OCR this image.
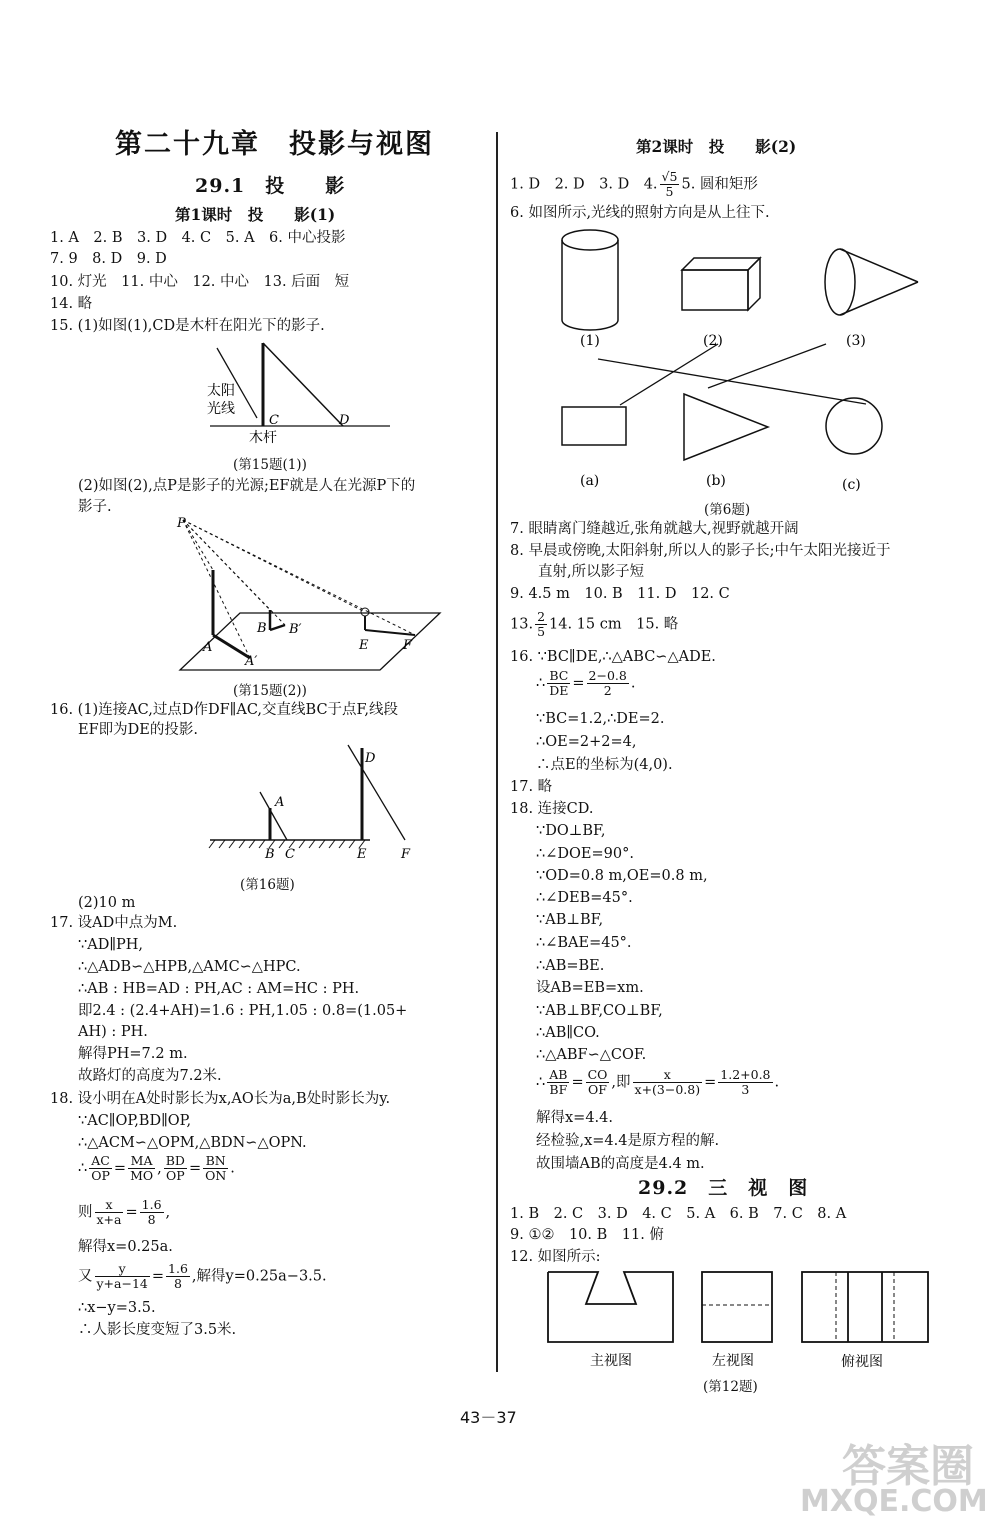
第二十九章　投影与视图
29.1　投　　影
第1课时　投　　影(1)
1. A　2. B　3. D　4. C　5. A　6. 中心投影
7. 9　8. D　9. D
10. 灯光　11. 中心　12. 中心　13. 后面　短
14. 略
15. (1)如图(1),CD是木杆在阳光下的影子.
太阳
光线
C	D
木杆
(第15题(1))
(2)如图(2),点P是影子的光源;EF就是人在光源P下的
影子.
P
A
A′
B B′
E	F
(第15题(2))
16. (1)连接AC,过点D作DF∥AC,交直线BC于点F,线段
EF即为DE的投影.
A
B C
D
E	F
(第16题)
(2)10 m
17. 设AD中点为M.
∵AD∥PH,
∴△ADB∽△HPB,△AMC∽△HPC.
∴AB : HB=AD : PH,AC : AM=HC : PH.
即2.4 : (2.4+AH)=1.6 : PH,1.05 : 0.8=(1.05+
AH) : PH.
解得PH=7.2 m.
故路灯的高度为7.2米.
18. 设小明在A处时影长为x,AO长为a,B处时影长为y.
∵AC∥OP,BD∥OP,
∴△ACM∽△OPM,△BDN∽△OPN.
∴ $\frac{AC}{OP} = \frac{MA}{MO}$ , $\frac{BD}{OP} = \frac{BN}{ON}$ .
则 $\frac{x}{x+a} = \frac{1.6}{8}$ ,
解得x=0.25a.
又 $\frac{y}{y+a-14} = \frac{1.6}{8}$ ,解得y=0.25a−3.5.
∴x−y=3.5.
∴人影长度变短了3.5米.
第2课时　投　　影(2)
1. D　2. D　3. D　4. $\frac{√5}{5} 5$. 圆和矩形
6. 如图所示,光线的照射方向是从上往下.
(1)	(2)	(3)
(a)	(b)	(c)
(第6题)
7. 眼睛离门缝越近,张角就越大,视野就越开阔
8. 早晨或傍晚,太阳斜射,所以人的影子长;中午太阳光接近于
直射,所以影子短
9. 4.5 m　10. B　11. D　12. C
13. $\frac{2}{5} 14$. 15 cm　15. 略
16. ∵BC∥DE,∴△ABC∽△ADE.
∴ $\frac{BC}{DE} = \frac{2-0.8}{2}$ .
∵BC=1.2,∴DE=2.
∴OE=2+2=4,
∴点E的坐标为(4,0).
17. 略
18. 连接CD.
∵DO⊥BF,
∴∠DOE=90°.
∵OD=0.8 m,OE=0.8 m,
∴∠DEB=45°.
∵AB⊥BF,
∴∠BAE=45°.
∴AB=BE.
设AB=EB=xm.
∵AB⊥BF,CO⊥BF,
∴AB∥CO.
∴△ABF∽△COF.
∴ $\frac{AB}{BF} = \frac{CO}{OF}$ ,即 $\frac{x}{x+(3-0.8)} = \frac{1.2+0.8}{3}$ .
解得x=4.4.
经检验,x=4.4是原方程的解.
故围墙AB的高度是4.4 m.
29.2　三　视　图
1. B　2. C　3. D　4. C　5. A　6. B　7. C　8. A
9. ①②　10. B　11. 俯
12. 如图所示:
主视图	左视图	俯视图
(第12题)
43－37
答案圈
MXQE.COM
